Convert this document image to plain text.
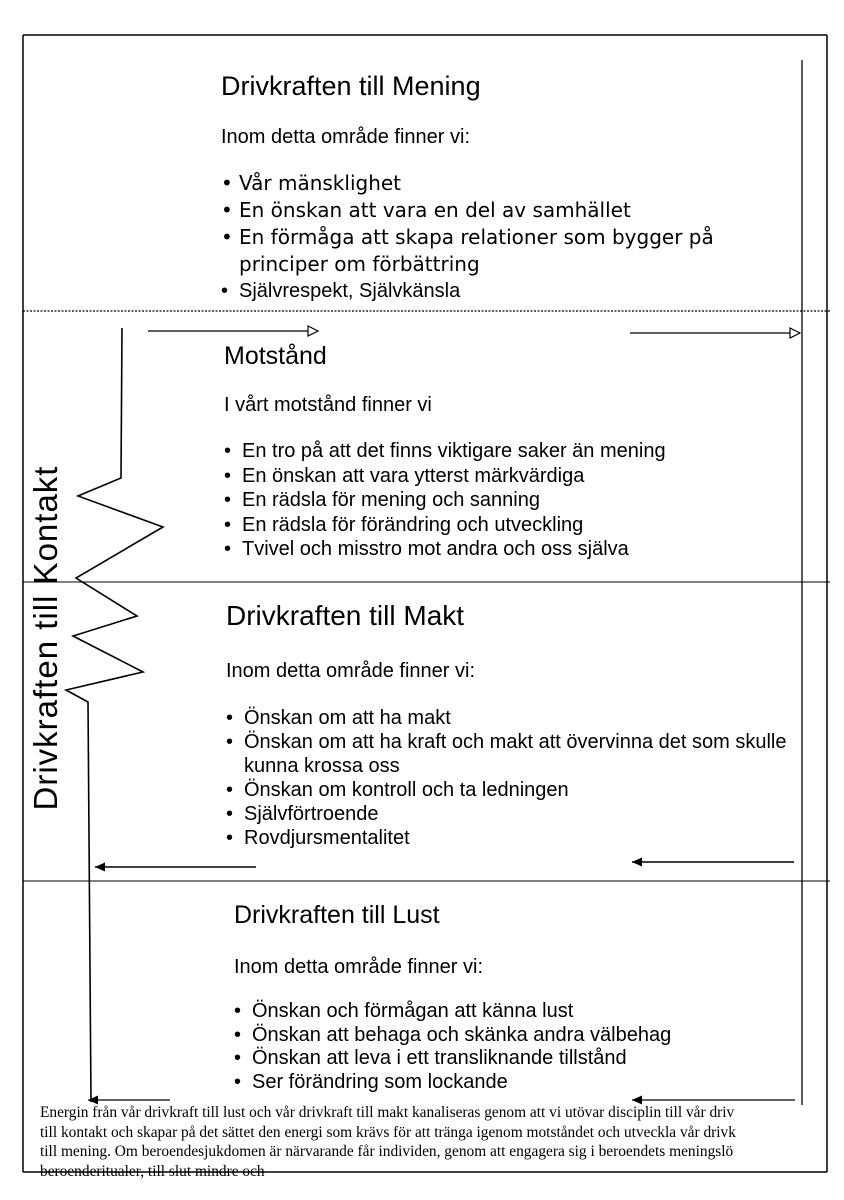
Drivkraften till Mening

Inom detta område finner vi:

• Vår mänsklighet
• En önskan att vara en del av samhället
• En förmåga att skapa relationer som bygger på principer om förbättring
• Självrespekt, Självkänsla
Motstånd

I vårt motstånd finner vi

• En tro på att det finns viktigare saker än mening
• En önskan att vara ytterst märkvärdiga
• En rädsla för mening och sanning
• En rädsla för förändring och utveckling
• Tvivel och misstro mot andra och oss själva
Drivkraften till Makt

Inom detta område finner vi:

• Önskan om att ha makt
• Önskan om att ha kraft och makt att övervinna det som skulle kunna krossa oss
• Önskan om kontroll och ta ledningen
• Självförtroende
• Rovdjursmentalitet
Drivkraften till Lust

Inom detta område finner vi:

• Önskan och förmågan att känna lust
• Önskan att behaga och skänka andra välbehag
• Önskan att leva i ett transliknande tillstånd
• Ser förändring som lockande
Drivkraften till Kontakt
Energin från vår drivkraft till lust och vår drivkraft till makt kanaliseras genom att vi utövar disciplin till vår driv
till kontakt och skapar på det sättet den energi som krävs för att tränga igenom motståndet och utveckla vår drivk
till mening. Om beroendesjukdomen är närvarande får individen, genom att engagera sig i beroendets meningslö
beroenderitualer, till slut mindre och
